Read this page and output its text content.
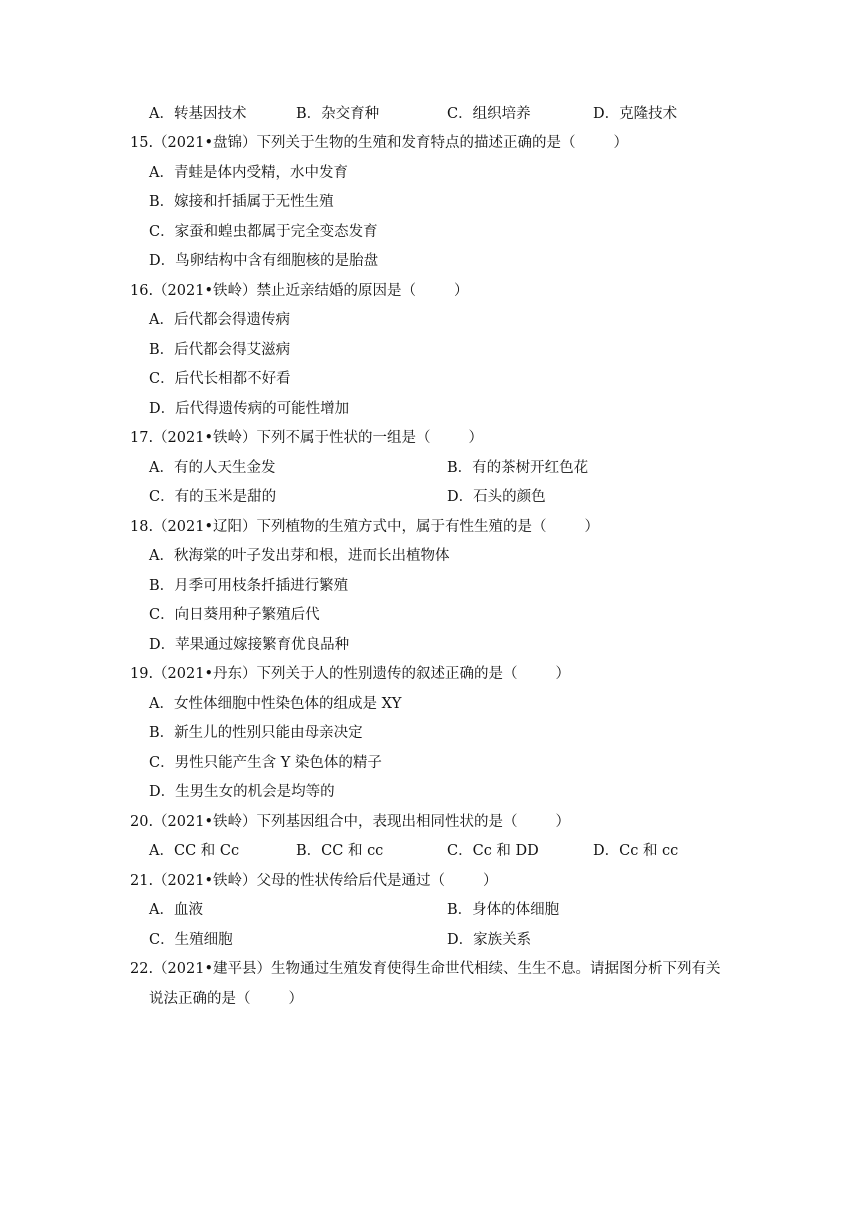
A．转基因技术	B．杂交育种	C．组织培养	D．克隆技术
15.（2021•盘锦）下列关于生物的生殖和发育特点的描述正确的是（	）
A．青蛙是体内受精，水中发育
B．嫁接和扦插属于无性生殖
C．家蚕和蝗虫都属于完全变态发育
D．鸟卵结构中含有细胞核的是胎盘
16.（2021•铁岭）禁止近亲结婚的原因是（	）
A．后代都会得遗传病
B．后代都会得艾滋病
C．后代长相都不好看
D．后代得遗传病的可能性增加
17.（2021•铁岭）下列不属于性状的一组是（	）
A．有的人天生金发	B．有的茶树开红色花
C．有的玉米是甜的	D．石头的颜色
18.（2021•辽阳）下列植物的生殖方式中，属于有性生殖的是（	）
A．秋海棠的叶子发出芽和根，进而长出植物体
B．月季可用枝条扦插进行繁殖
C．向日葵用种子繁殖后代
D．苹果通过嫁接繁育优良品种
19.（2021•丹东）下列关于人的性别遗传的叙述正确的是（	）
A．女性体细胞中性染色体的组成是 XY
B．新生儿的性别只能由母亲决定
C．男性只能产生含 Y 染色体的精子
D．生男生女的机会是均等的
20.（2021•铁岭）下列基因组合中，表现出相同性状的是（	）
A．CC 和 Cc	B．CC 和 cc	C．Cc 和 DD	D．Cc 和 cc
21.（2021•铁岭）父母的性状传给后代是通过（	）
A．血液	B．身体的体细胞
C．生殖细胞	D．家族关系
22.（2021•建平县）生物通过生殖发育使得生命世代相续、生生不息。请据图分析下列有关
说法正确的是（	）
